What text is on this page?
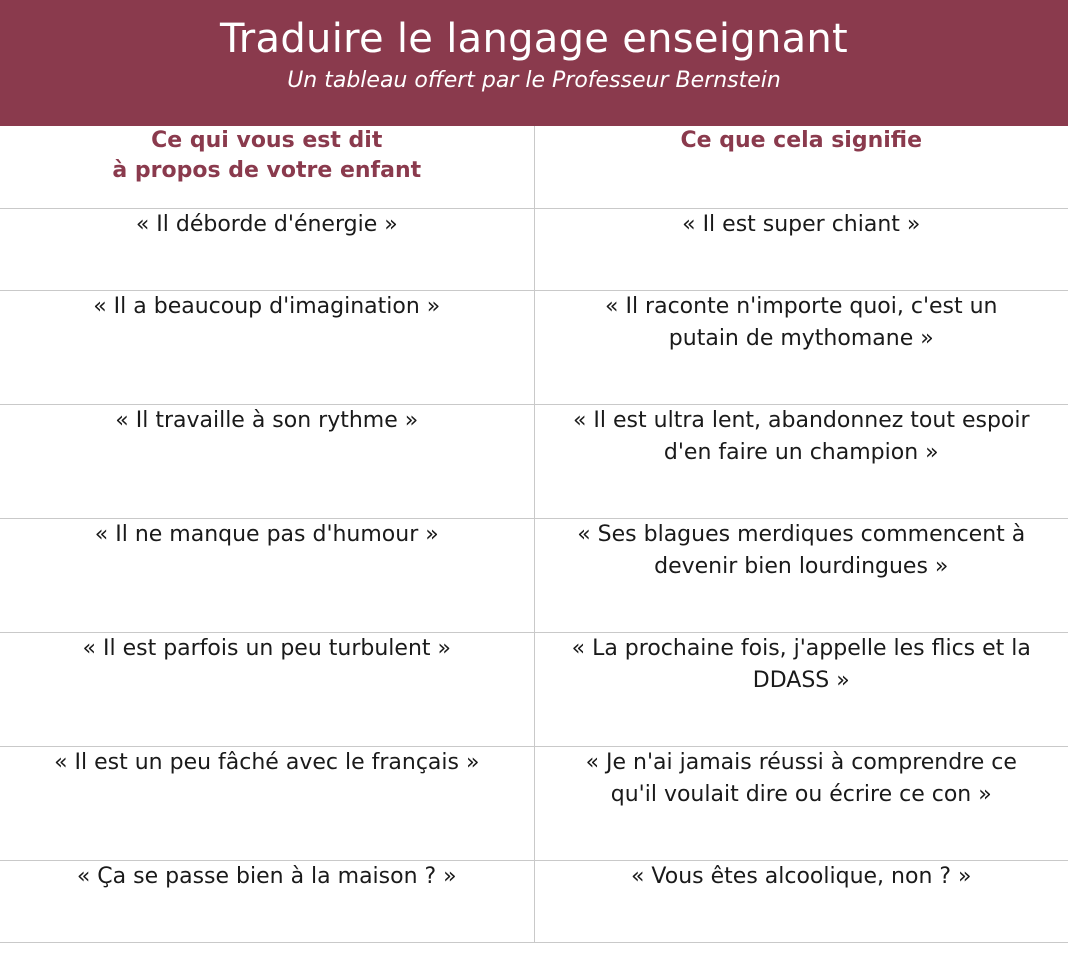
Traduire le langage enseignant
Un tableau offert par le Professeur Bernstein
Ce qui vous est dit
à propos de votre enfant	Ce que cela signifie

« Il déborde d'énergie »	« Il est super chiant »

« Il a beaucoup d'imagination »	« Il raconte n'importe quoi, c'est un
putain de mythomane »

« Il travaille à son rythme »	« Il est ultra lent, abandonnez tout espoir
d'en faire un champion »

« Il ne manque pas d'humour »	« Ses blagues merdiques commencent à
devenir bien lourdingues »

« Il est parfois un peu turbulent »	« La prochaine fois, j'appelle les flics et la
DDASS »

« Il est un peu fâché avec le français »	« Je n'ai jamais réussi à comprendre ce
qu'il voulait dire ou écrire ce con »

« Ça se passe bien à la maison ? »	« Vous êtes alcoolique, non ? »
